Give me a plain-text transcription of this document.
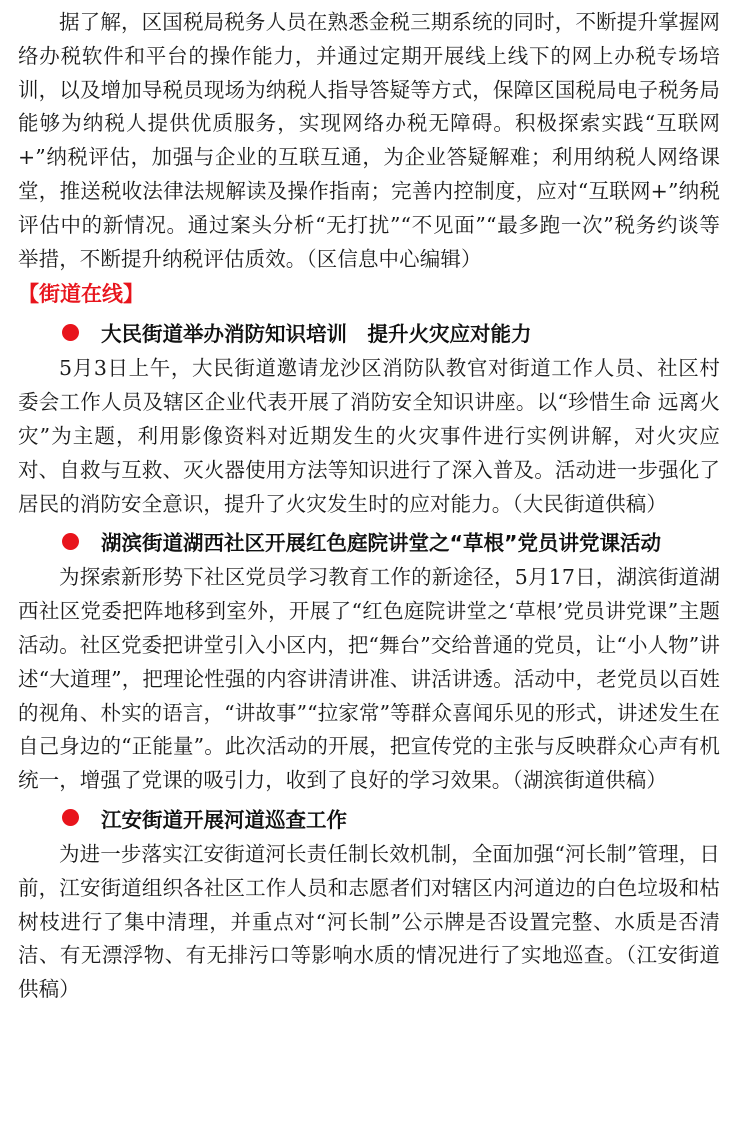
据了解，区国税局税务人员在熟悉金税三期系统的同时，不断提升掌握网络办税软件和平台的操作能力，并通过定期开展线上线下的网上办税专场培训，以及增加导税员现场为纳税人指导答疑等方式，保障区国税局电子税务局能够为纳税人提供优质服务，实现网络办税无障碍。积极探索实践“互联网+”纳税评估，加强与企业的互联互通，为企业答疑解难；利用纳税人网络课堂，推送税收法律法规解读及操作指南；完善内控制度，应对“互联网+”纳税评估中的新情况。通过案头分析“无打扰”“不见面”“最多跑一次”税务约谈等举措，不断提升纳税评估质效。（区信息中心编辑）

【街道在线】

大民街道举办消防知识培训　提升火灾应对能力

5月3日上午，大民街道邀请龙沙区消防队教官对街道工作人员、社区村委会工作人员及辖区企业代表开展了消防安全知识讲座。以“珍惜生命 远离火灾”为主题，利用影像资料对近期发生的火灾事件进行实例讲解，对火灾应对、自救与互救、灭火器使用方法等知识进行了深入普及。活动进一步强化了居民的消防安全意识，提升了火灾发生时的应对能力。（大民街道供稿）

湖滨街道湖西社区开展红色庭院讲堂之“草根”党员讲党课活动

为探索新形势下社区党员学习教育工作的新途径，5月17日，湖滨街道湖西社区党委把阵地移到室外，开展了“红色庭院讲堂之‘草根’党员讲党课”主题活动。社区党委把讲堂引入小区内，把“舞台”交给普通的党员，让“小人物”讲述“大道理”，把理论性强的内容讲清讲准、讲活讲透。活动中，老党员以百姓的视角、朴实的语言，“讲故事”“拉家常”等群众喜闻乐见的形式，讲述发生在自己身边的“正能量”。此次活动的开展，把宣传党的主张与反映群众心声有机统一，增强了党课的吸引力，收到了良好的学习效果。（湖滨街道供稿）

江安街道开展河道巡查工作

为进一步落实江安街道河长责任制长效机制，全面加强“河长制”管理，日前，江安街道组织各社区工作人员和志愿者们对辖区内河道边的白色垃圾和枯树枝进行了集中清理，并重点对“河长制”公示牌是否设置完整、水质是否清洁、有无漂浮物、有无排污口等影响水质的情况进行了实地巡查。（江安街道供稿）
